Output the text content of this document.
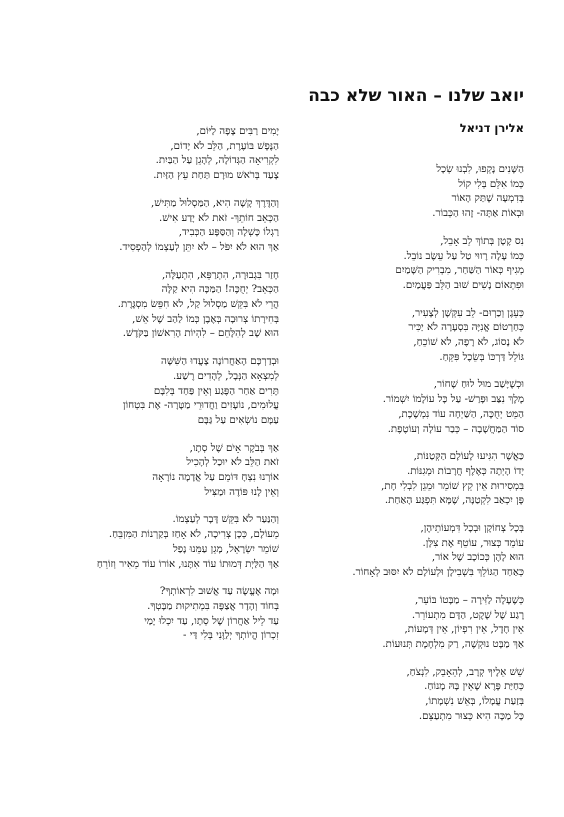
יואב שלנו – האור שלא כבה
אלירן דניאל
הַשָּׁנִים נָקְפוּ, לִבְנוּ שְׂכָל
כְּמוֹ אִלֵּם בְּלִי קוֹל
בְּדִמְעָה שֶׁתַּק הָאוֹר
וּבְאוֹת אַתָּה- זֶהוּ הַכְּבוֹר.
נִס קָטָן בְּתוֹךְ לֵב אָבֵל,
כְּמוֹ עָלָה רָווּי טַל עַל עֵשֶׂב נוֹבֵל.
מְגִיף כְּאוֹר הַשַּׁחַר, מִבְרִיק הַשָּׁמַיִם
וּפִתְאוֹם נָשִׁים שׁוּב הַלֵּב פַּעֲמַיִם.
כְּעֵגֶן וְכַרְוּם- לֵב עִקְּשָׁן לְצָעִיר,
כְּחַרְטוֹם אֳנִיָּה בִּסְעָרָה לֹא יַכִּיר
לֹא נָסוֹג, לֹא רָפֶה, לֹא שׁוֹכֵחַ,
גּוֹלֵל דַּרְכּוֹ בְּשֵׂכֶל פִּקֵּחַ.
וּכְשֶׁיָּשַׁב מוּל לוּחַ שָׁחוֹר,
מֶלֶךְ נִצַּב וּפָרַשׁ- עַל כָּל עוֹלָמוֹ יִשְׁמוֹר.
הַמֵּט יְחֻכֶּה, הַשַּׁיְחָה עוֹד נִמְשֶׁכֶת,
סוֹד הַמַּחֲשָׁבָה – כְּבַר עוֹלָה וְעוֹטֶפֶת.
כַּאֲשֶׁר הִגִּיעוּ לָעוֹלָם הַקְּטַנּוֹת,
יָדוֹ הָיְתָה כְּאֶלֶף חֲרָבוֹת וּמְגִנּוֹת.
בִּמְסִירוּת אֵין קֵץ שׁוֹמֵר וּמֵגֵן לִבְלִי חָת,
פֶּן יִכְאַב לִקְטַנָּה, שֶׁמָּא תִּפְגַּע הָאַחַת.
בְּכָל צְחוֹקָן וּבְכָל דִּמְעוֹתֵיהֶן,
עוֹמֵד כְּצוּר, עוֹטֵף אֶת צִלָּן.
הוּא לָהֶן כְּכוֹכָב שֶׁל אוֹר,
כְּאַחַד הַגּוֹלֵךְ בִּשְׁבִילָן וּלְעוֹלָם לֹא יִסּוּב לְאָחוֹר.
כְּשֶׁעָלָה לַזִּירָה – מַבָּטוֹ בּוֹעֵר,
רֶגַע שֶׁל שֶׁקֶט, הַדָּם מִתְעוֹרֵר.
אֵין חֶדֶל, אֵין רִפְיוֹן, אֵין דְּמָעוֹת,
אַךְ מַבָּט נוּקְשֶׁה, רַק מִלְחֶמֶת תְּנוּעוֹת.
שֵׁשׁ אֵלֶיךָ קְרָב, לְהֵאָבֵק, לִנְצֹחַ,
כְּחַיַּת פֶּרֶא שֶׁאֵין בָּהּ מָנוֹחַ.
בְּזַעַת עֲמָלוֹ, בְּאֵשׁ נִשְׁמָתוֹ,
כָּל מַכָּה הִיא כְּצוּר מִתְעַצֵּם.
יָמִים רַבִּים צָפָה לַיּוֹם,
הַנֶּפֶשׁ בּוֹעֶרֶת, הַלֵּב לֹא יָדוֹם,
לִקְרִיאָה הַגְּדוֹלָה, לְהָגֵן עַל הַבַּיִת.
צָעַד בְּרֹאשׁ מוּרָם תַּחַת עֵץ הַזַּיִת.
וְהַדֶּרֶךְ קָשָׁה הִיא, הַמַּסְלוּל מַתִּישׁ,
הַכְּאֵב חוֹתֵךְ- זֹאת לֹא יָדַע אִישׁ.
רַגְלוֹ כָּשְׁלָה וְהַסַּפָּע הַכְּבִיד,
אַךְ הוּא לֹא יִפֹּל – לֹא יִתֵּן לְעַצְמוֹ לְהַפְסִיד.
חָזַר בִּגְבוּרָה, הִתְרַפֵּא, הִתְעַלָּה,
הַכְּאֵב? יְחֻכֶּה! הַמַּכָּה הִיא קַלָּה
הֲרֵי לֹא בִּקֵּשׁ מַסְלוּל קַל, לֹא חִפֵּשׂ מִסְגֶּרֶת.
בְּחִירָתוֹ צְרוּבָה בְּאֶבֶן כְּמוֹ לַהַב שֶׁל אֵשׁ,
הוּא שָׁב לְהִלָּחֵם – לִהְיוֹת הָרִאשׁוֹן בַּקֹּדֶשׁ.
וּבְדַרְכָּם הָאַחֲרוֹנָה צָעֲדוּ הַשִּׁשָּׁה
לְמִצְאָא הַנְּבָל, לְהָדִים רֶשַׁע.
תָּרִים אַחַר הַפֶּגַע וְאֵין פַּחַד בְּלִבָּם
עֲלוּמִים, נוֹעָזִים וַחֲדוּרֵי מַטָּרָה- אֶת בִּטְחוֹן
עַמָּם נוֹשְׂאִים עַל גַּבָּם
אַךְ בְּבֹקֶר אָיֹם שֶׁל סְתָו,
זֹאת הַלֵּב לֹא יוּכַל לְהָכִיל
אוֹרְנוּ נִצְחָ דּוֹמֵם עַל אֲדָמָה נוֹרָאָה
וְאֵין לָנוּ פּוֹדֶה וּמַצִּיל
וְהַנַּעַר לֹא בִּקֵּשׁ דָּבָר לְעַצְמוֹ.
מֵעוֹלָם, כְּכָן צְרִיכָה, לֹא אָחַז בְּקַרְנוֹת הַמִּזְבֵּחַ.
שׁוֹמֵר יִשְׂרָאֵל, מָגֵן עַמֵּנוּ נָפַל
אַךְ הַלַּיְת דְּמוּתוֹ עוֹד אִתָּנוּ, אוֹרוֹ עוֹד מֵאִיר וְזוֹרֵחַ
וּמָה אֶעֱשֶׂה עַד אֲשׁוּב לִרְאוֹתְךָ?
בְּחוֹד וְהָדָר אֲצַפֶּה בִּמְתִיקוּת מַבָּטְךָ.
עַד לֵיל אַחֲרוֹן שֶׁל סְתָו, עַד יִכְלוּ יָמַי
זִכְרוֹן הֱיוֹתְךָ יְלַוֶּנִי בְּלִי דַּי -
